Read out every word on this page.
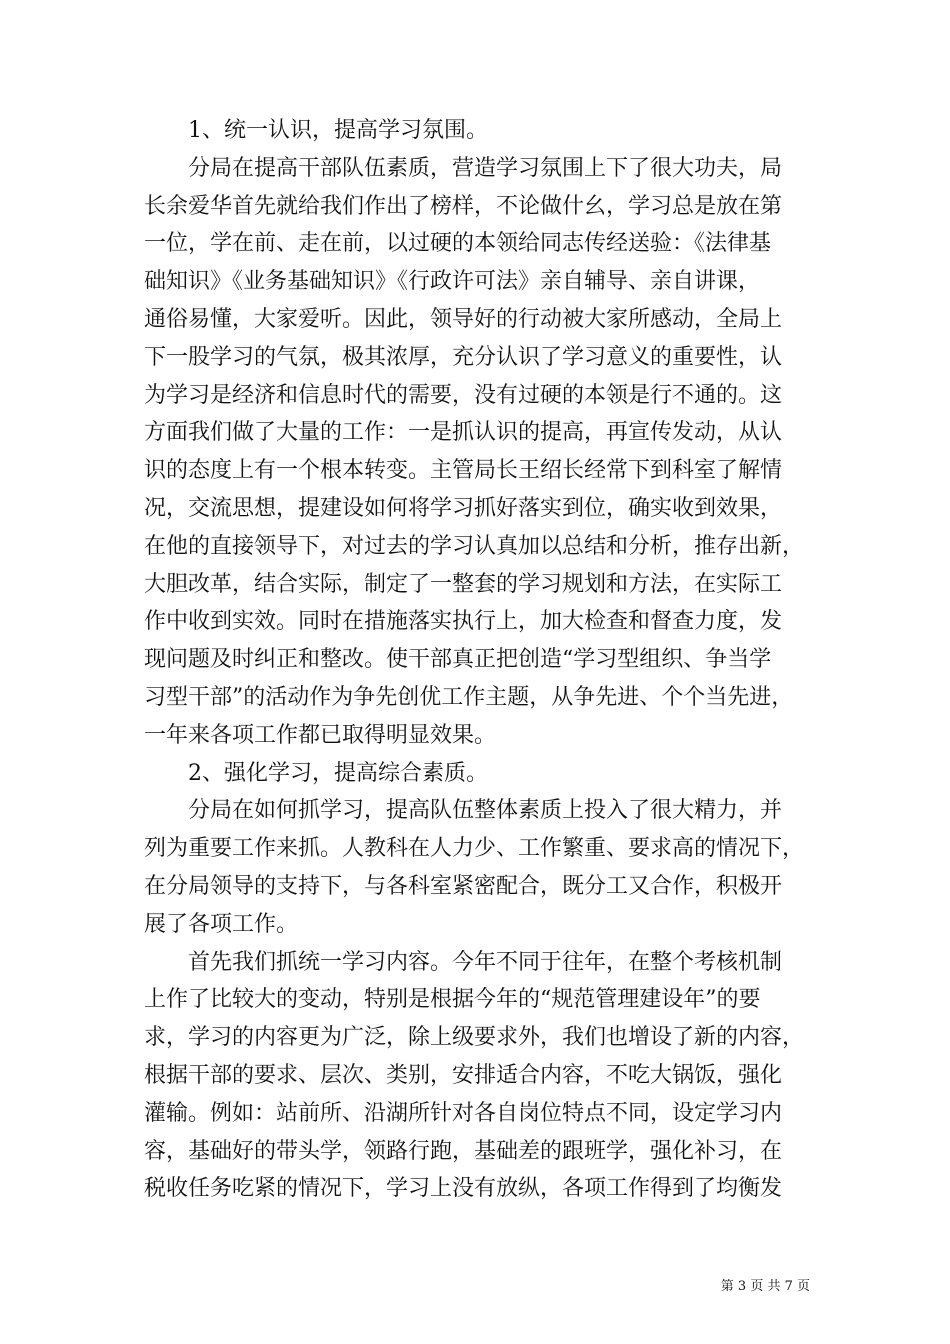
1、统一认识，提高学习氛围。
分局在提高干部队伍素质，营造学习氛围上下了很大功夫，局
长余爱华首先就给我们作出了榜样，不论做什幺，学习总是放在第
一位，学在前、走在前，以过硬的本领给同志传经送验：《法律基
础知识》《业务基础知识》《行政许可法》亲自辅导、亲自讲课，
通俗易懂，大家爱听。因此，领导好的行动被大家所感动，全局上
下一股学习的气氛，极其浓厚，充分认识了学习意义的重要性，认
为学习是经济和信息时代的需要，没有过硬的本领是行不通的。这
方面我们做了大量的工作：一是抓认识的提高，再宣传发动，从认
识的态度上有一个根本转变。主管局长王绍长经常下到科室了解情
况，交流思想，提建设如何将学习抓好落实到位，确实收到效果，
在他的直接领导下，对过去的学习认真加以总结和分析，推存出新，
大胆改革，结合实际，制定了一整套的学习规划和方法，在实际工
作中收到实效。同时在措施落实执行上，加大检查和督查力度，发
现问题及时纠正和整改。使干部真正把创造“学习型组织、争当学
习型干部”的活动作为争先创优工作主题，从争先进、个个当先进，
一年来各项工作都已取得明显效果。
2、强化学习，提高综合素质。
分局在如何抓学习，提高队伍整体素质上投入了很大精力，并
列为重要工作来抓。人教科在人力少、工作繁重、要求高的情况下，
在分局领导的支持下，与各科室紧密配合，既分工又合作，积极开
展了各项工作。
首先我们抓统一学习内容。今年不同于往年，在整个考核机制
上作了比较大的变动，特别是根据今年的“规范管理建设年”的要
求，学习的内容更为广泛，除上级要求外，我们也增设了新的内容，
根据干部的要求、层次、类别，安排适合内容，不吃大锅饭，强化
灌输。例如：站前所、沿湖所针对各自岗位特点不同，设定学习内
容，基础好的带头学，领路行跑，基础差的跟班学，强化补习，在
税收任务吃紧的情况下，学习上没有放纵，各项工作得到了均衡发
第 3 页 共 7 页
